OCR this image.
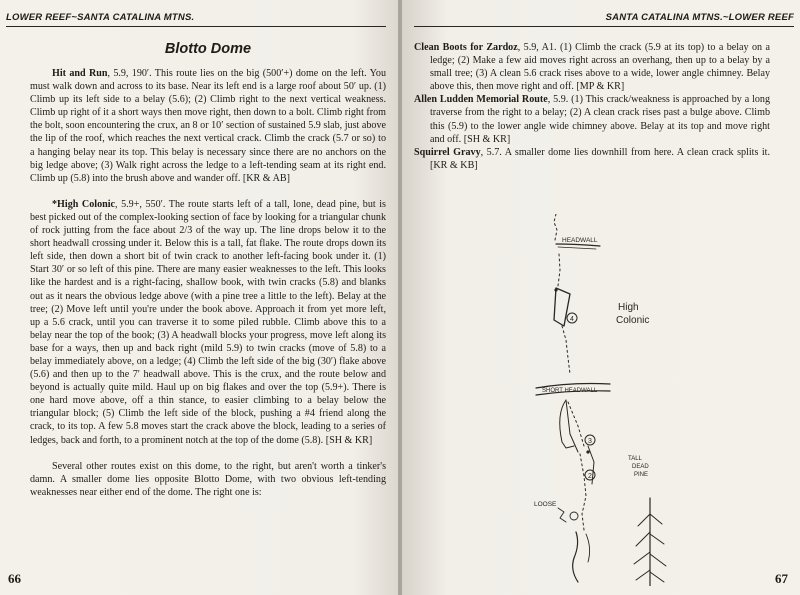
LOWER REEF~SANTA CATALINA MTNS.
Blotto Dome

Hit and Run, 5.9, 190′. This route lies on the big (500′+) dome on the left. You must walk down and across to its base. Near its left end is a large roof about 50′ up. (1) Climb up its left side to a belay (5.6); (2) Climb right to the next vertical weakness. Climb up right of it a short ways then move right, then down to a bolt. Climb right from the bolt, soon encountering the crux, an 8 or 10′ section of sustained 5.9 slab, just above the lip of the roof, which reaches the next vertical crack. Climb the crack (5.7 or so) to a hanging belay near its top. This belay is necessary since there are no anchors on the big ledge above; (3) Walk right across the ledge to a left-tending seam at its right end. Climb up (5.8) into the brush above and wander off. [KR & AB]

*High Colonic, 5.9+, 550′. The route starts left of a tall, lone, dead pine, but is best picked out of the complex-looking section of face by looking for a triangular chunk of rock jutting from the face about 2/3 of the way up. The line drops below it to the short headwall crossing under it. Below this is a tall, fat flake. The route drops down its left side, then down a short bit of twin crack to another left-facing book under it. (1) Start 30′ or so left of this pine. There are many easier weaknesses to the left. This looks like the hardest and is a right-facing, shallow book, with twin cracks (5.8) and blanks out as it nears the obvious ledge above (with a pine tree a little to the left). Belay at the tree; (2) Move left until you're under the book above. Approach it from yet more left, up a 5.6 crack, until you can traverse it to some piled rubble. Climb above this to a belay near the top of the book; (3) A headwall blocks your progress, move left along its base for a ways, then up and back right (mild 5.9) to twin cracks (move of 5.8) to a belay immediately above, on a ledge; (4) Climb the left side of the big (30′) flake above (5.6) and then up to the 7′ headwall above. This is the crux, and the route below and beyond is actually quite mild. Haul up on big flakes and over the top (5.9+). There is one hard move above, off a thin stance, to easier climbing to a belay below the triangular block; (5) Climb the left side of the block, pushing a #4 friend along the crack, to its top. A few 5.8 moves start the crack above the block, leading to a series of ledges, back and forth, to a prominent notch at the top of the dome (5.8). [SH & KR]

Several other routes exist on this dome, to the right, but aren't worth a tinker's damn. A smaller dome lies opposite Blotto Dome, with two obvious left-tending weaknesses near either end of the dome. The right one is:

66
SANTA CATALINA MTNS.~LOWER REEF

Clean Boots for Zardoz, 5.9, A1. (1) Climb the crack (5.9 at its top) to a belay on a ledge; (2) Make a few aid moves right across an overhang, then up to a belay by a small tree; (3) A clean 5.6 crack rises above to a wide, lower angle chimney. Belay above this, then move right and off. [MP & KR]

Allen Ludden Memorial Route, 5.9. (1) This crack/weakness is approached by a long traverse from the right to a belay; (2) A clean crack rises past a bulge above. Climb this (5.9) to the lower angle wide chimney above. Belay at its top and move right and off. [SH & KR]

Squirrel Gravy, 5.7. A smaller dome lies downhill from here. A clean crack splits it. [KR & KB]

67
4
3
2
HEADWALL
SHORT HEADWALL
High
Colonic
LOOSE
TALL
DEAD
PINE
